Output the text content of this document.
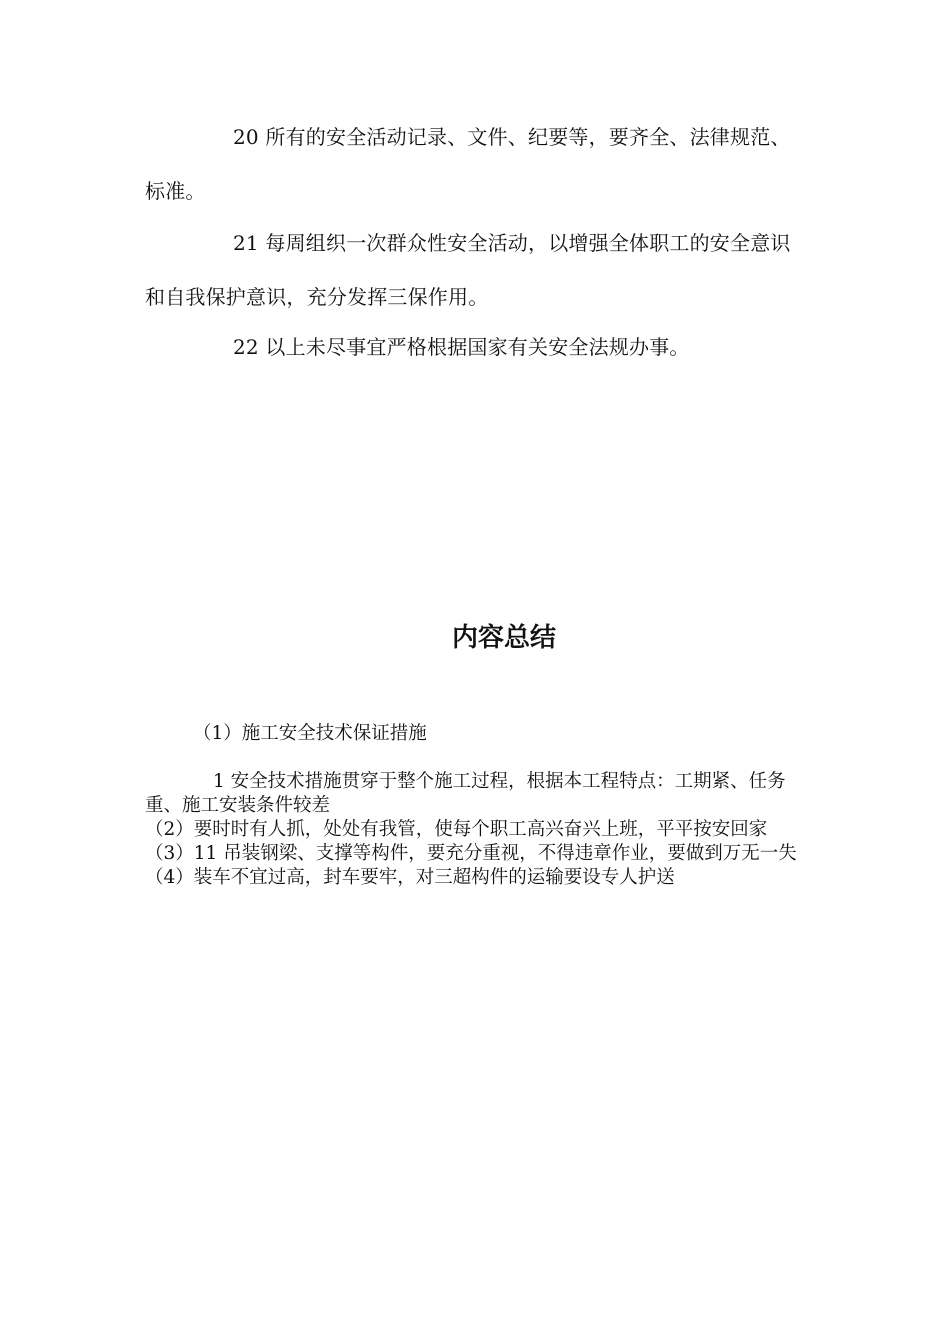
20 所有的安全活动记录、文件、纪要等，要齐全、法律规范、标准。

21 每周组织一次群众性安全活动，以增强全体职工的安全意识和自我保护意识，充分发挥三保作用。

22 以上未尽事宜严格根据国家有关安全法规办事。

内容总结

（1）施工安全技术保证措施

1 安全技术措施贯穿于整个施工过程，根据本工程特点：工期紧、任务重、施工安装条件较差

（2）要时时有人抓，处处有我管，使每个职工高兴奋兴上班，平平按安回家

（3）11 吊装钢梁、支撑等构件，要充分重视，不得违章作业，要做到万无一失

（4）装车不宜过高，封车要牢，对三超构件的运输要设专人护送
